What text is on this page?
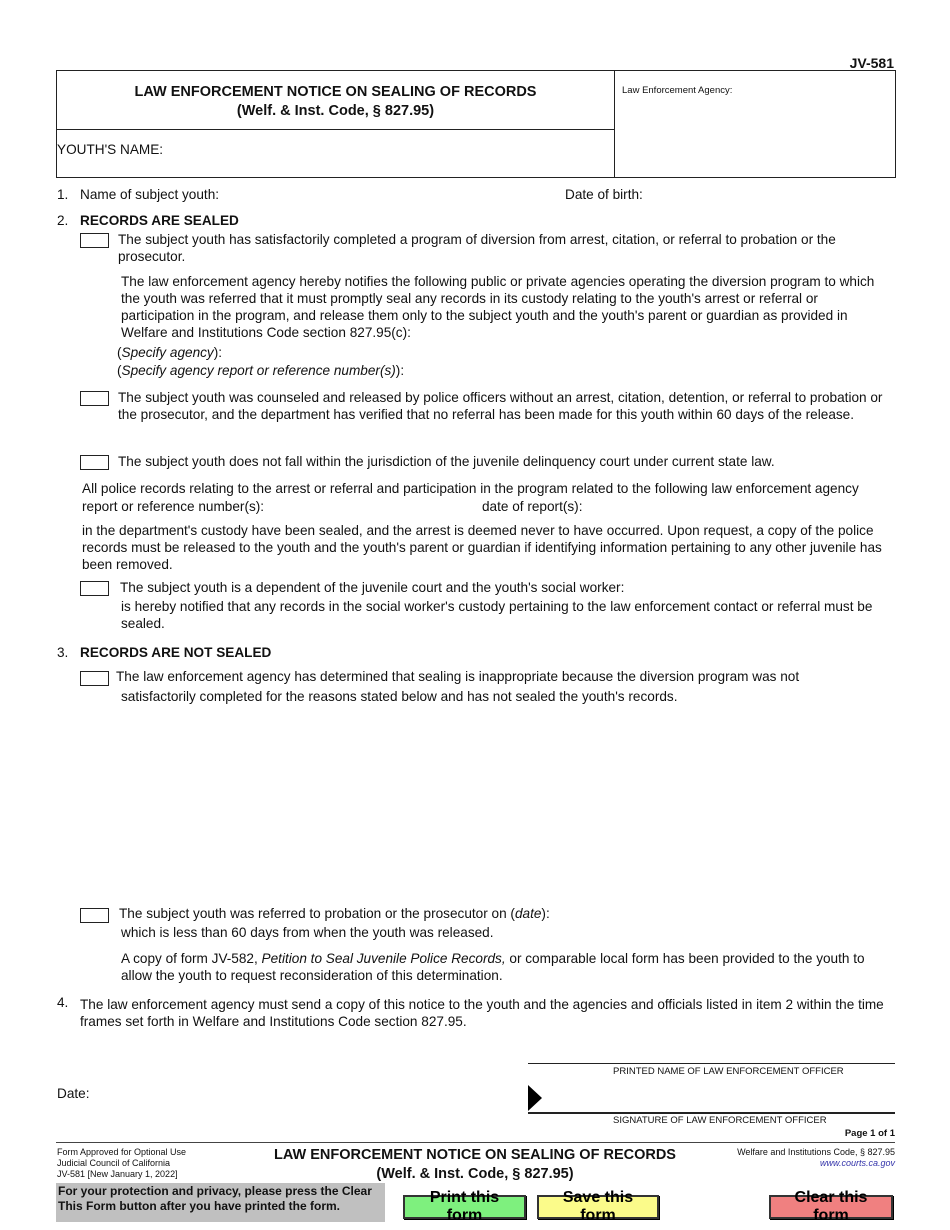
JV-581
LAW ENFORCEMENT NOTICE ON SEALING OF RECORDS
(Welf. & Inst. Code, § 827.95)
YOUTH'S NAME:
Law Enforcement Agency:
1. Name of subject youth:	Date of birth:
2. RECORDS ARE SEALED
The subject youth has satisfactorily completed a program of diversion from arrest, citation, or referral to probation or the prosecutor.
The law enforcement agency hereby notifies the following public or private agencies operating the diversion program to which the youth was referred that it must promptly seal any records in its custody relating to the youth's arrest or referral or participation in the program, and release them only to the subject youth and the youth's parent or guardian as provided in Welfare and Institutions Code section 827.95(c):
(Specify agency):
(Specify agency report or reference number(s)):
The subject youth was counseled and released by police officers without an arrest, citation, detention, or referral to probation or the prosecutor, and the department has verified that no referral has been made for this youth within 60 days of the release.
The subject youth does not fall within the jurisdiction of the juvenile delinquency court under current state law.
All police records relating to the arrest or referral and participation in the program related to the following law enforcement agency
report or reference number(s):	date of report(s):
in the department's custody have been sealed, and the arrest is deemed never to have occurred. Upon request, a copy of the police records must be released to the youth and the youth's parent or guardian if identifying information pertaining to any other juvenile has been removed.
The subject youth is a dependent of the juvenile court and the youth's social worker:
is hereby notified that any records in the social worker's custody pertaining to the law enforcement contact or referral must be sealed.
3. RECORDS ARE NOT SEALED
The law enforcement agency has determined that sealing is inappropriate because the diversion program was not
satisfactorily completed for the reasons stated below and has not sealed the youth's records.
The subject youth was referred to probation or the prosecutor on (date):
which is less than 60 days from when the youth was released.
A copy of form JV-582, Petition to Seal Juvenile Police Records, or comparable local form has been provided to the youth to allow the youth to request reconsideration of this determination.
4. The law enforcement agency must send a copy of this notice to the youth and the agencies and officials listed in item 2 within the time frames set forth in Welfare and Institutions Code section 827.95.
Date:
PRINTED NAME OF LAW ENFORCEMENT OFFICER
SIGNATURE OF LAW ENFORCEMENT OFFICER
Page 1 of 1
Form Approved for Optional Use
Judicial Council of California
JV-581 [New January 1, 2022]
LAW ENFORCEMENT NOTICE ON SEALING OF RECORDS
(Welf. & Inst. Code, § 827.95)
Welfare and Institutions Code, § 827.95
www.courts.ca.gov
For your protection and privacy, please press the Clear This Form button after you have printed the form.	Print this form
Save this form
Clear this form
